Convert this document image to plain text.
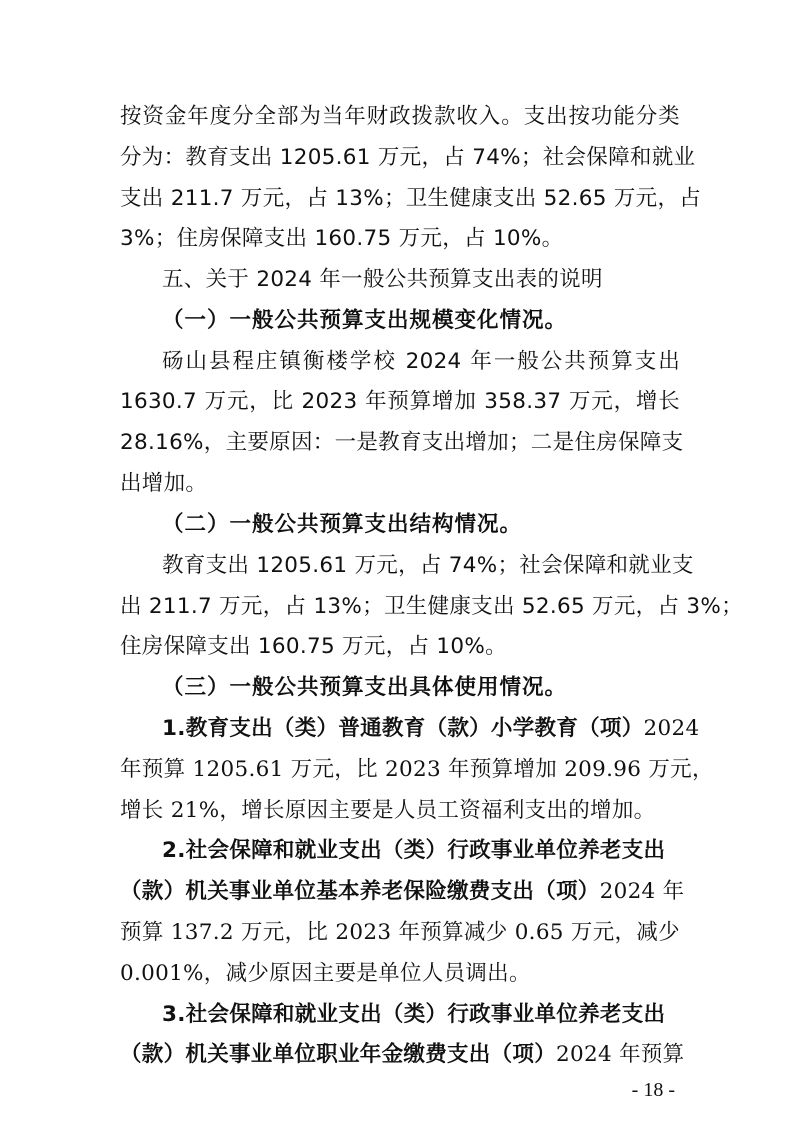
按资金年度分全部为当年财政拨款收入。支出按功能分类
分为：教育支出 1205.61 万元，占 74%；社会保障和就业
支出 211.7 万元，占 13%；卫生健康支出 52.65 万元，占
3%；住房保障支出 160.75 万元，占 10%。
五、关于 2024 年一般公共预算支出表的说明
（一）一般公共预算支出规模变化情况。
砀山县程庄镇衡楼学校 2024 年一般公共预算支出
1630.7 万元，比 2023 年预算增加 358.37 万元，增长
28.16%，主要原因：一是教育支出增加；二是住房保障支
出增加。
（二）一般公共预算支出结构情况。
教育支出 1205.61 万元，占 74%；社会保障和就业支
出 211.7 万元，占 13%；卫生健康支出 52.65 万元，占 3%；
住房保障支出 160.75 万元，占 10%。
（三）一般公共预算支出具体使用情况。
1.教育支出（类）普通教育（款）小学教育（项）2024
年预算 1205.61 万元，比 2023 年预算增加 209.96 万元，
增长 21%，增长原因主要是人员工资福利支出的增加。
2.社会保障和就业支出（类）行政事业单位养老支出
（款）机关事业单位基本养老保险缴费支出（项）2024 年
预算 137.2 万元，比 2023 年预算减少 0.65 万元，减少
0.001%，减少原因主要是单位人员调出。
3.社会保障和就业支出（类）行政事业单位养老支出
（款）机关事业单位职业年金缴费支出（项）2024 年预算
- 18 -
